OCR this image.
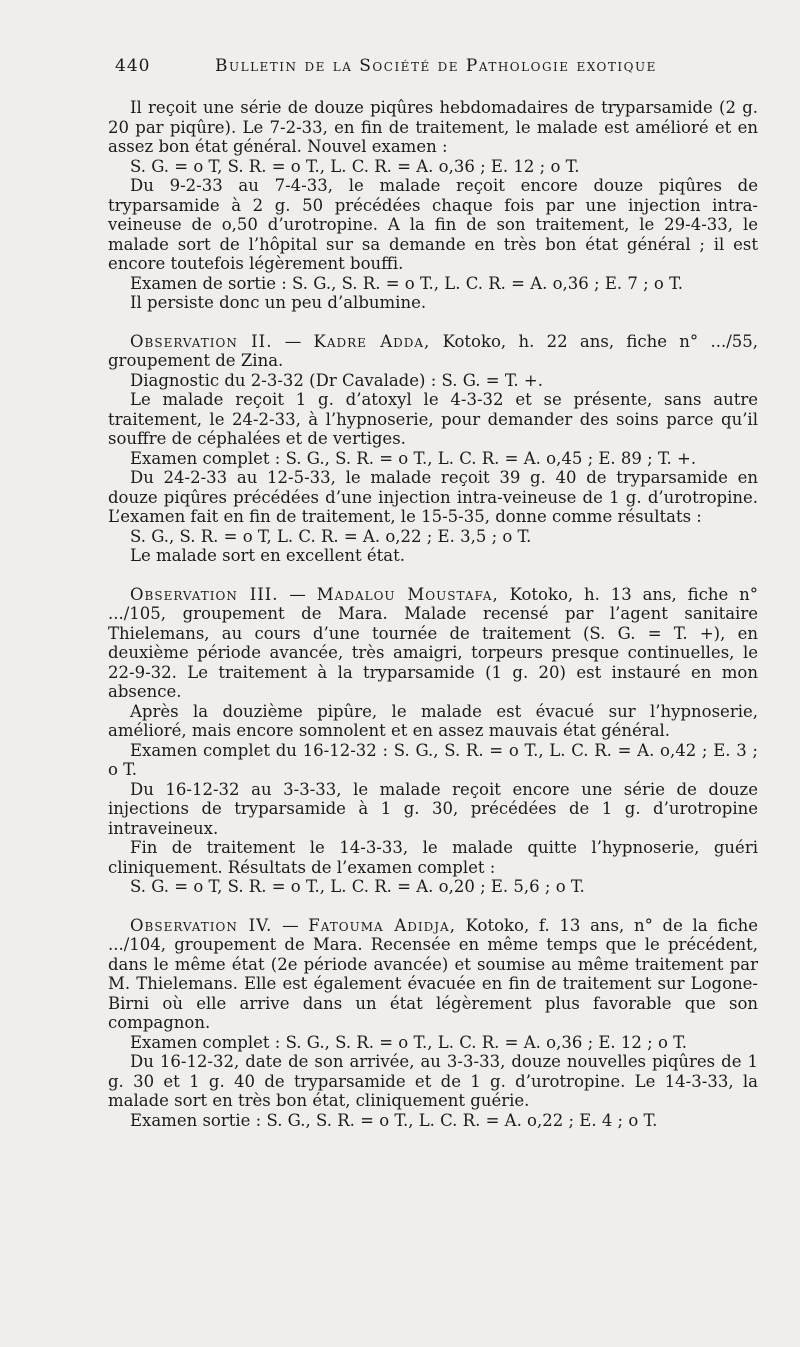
440	Bulletin de la Société de Pathologie exotique

Il reçoit une série de douze piqûres hebdomadaires de tryparsamide (2 g. 20 par piqûre). Le 7-2-33, en fin de traitement, le malade est amélioré et en assez bon état général. Nouvel examen :

S. G. = o T, S. R. = o T., L. C. R. = A. o,36 ; E. 12 ; o T.

Du 9-2-33 au 7-4-33, le malade reçoit encore douze piqûres de tryparsamide à 2 g. 50 précédées chaque fois par une injection intra-veineuse de o,50 d’urotropine. A la fin de son traitement, le 29-4-33, le malade sort de l’hôpital sur sa demande en très bon état général ; il est encore toutefois légèrement bouffi.

Examen de sortie : S. G., S. R. = o T., L. C. R. = A. o,36 ; E. 7 ; o T.

Il persiste donc un peu d’albumine.

Observation II. — Kadre Adda, Kotoko, h. 22 ans, fiche n° .../55, groupement de Zina.

Diagnostic du 2-3-32 (Dr Cavalade) : S. G. = T. +.

Le malade reçoit 1 g. d’atoxyl le 4-3-32 et se présente, sans autre traitement, le 24-2-33, à l’hypnoserie, pour demander des soins parce qu’il souffre de céphalées et de vertiges.

Examen complet : S. G., S. R. = o T., L. C. R. = A. o,45 ; E. 89 ; T. +.

Du 24-2-33 au 12-5-33, le malade reçoit 39 g. 40 de tryparsamide en douze piqûres précédées d’une injection intra-veineuse de 1 g. d’urotropine. L’examen fait en fin de traitement, le 15-5-35, donne comme résultats :

S. G., S. R. = o T, L. C. R. = A. o,22 ; E. 3,5 ; o T.

Le malade sort en excellent état.

Observation III. — Madalou Moustafa, Kotoko, h. 13 ans, fiche n° .../105, groupement de Mara. Malade recensé par l’agent sanitaire Thielemans, au cours d’une tournée de traitement (S. G. = T. +), en deuxième période avancée, très amaigri, torpeurs presque continuelles, le 22-9-32. Le traitement à la tryparsamide (1 g. 20) est instauré en mon absence.

Après la douzième pipûre, le malade est évacué sur l’hypnoserie, amélioré, mais encore somnolent et en assez mauvais état général.

Examen complet du 16-12-32 : S. G., S. R. = o T., L. C. R. = A. o,42 ; E. 3 ; o T.

Du 16-12-32 au 3-3-33, le malade reçoit encore une série de douze injections de tryparsamide à 1 g. 30, précédées de 1 g. d’urotropine intraveineux.

Fin de traitement le 14-3-33, le malade quitte l’hypnoserie, guéri cliniquement. Résultats de l’examen complet :

S. G. = o T, S. R. = o T., L. C. R. = A. o,20 ; E. 5,6 ; o T.

Observation IV. — Fatouma Adidja, Kotoko, f. 13 ans, n° de la fiche .../104, groupement de Mara. Recensée en même temps que le précédent, dans le même état (2e période avancée) et soumise au même traitement par M. Thielemans. Elle est également évacuée en fin de traitement sur Logone-Birni où elle arrive dans un état légèrement plus favorable que son compagnon.

Examen complet : S. G., S. R. = o T., L. C. R. = A. o,36 ; E. 12 ; o T.

Du 16-12-32, date de son arrivée, au 3-3-33, douze nouvelles piqûres de 1 g. 30 et 1 g. 40 de tryparsamide et de 1 g. d’urotropine. Le 14-3-33, la malade sort en très bon état, cliniquement guérie.

Examen sortie : S. G., S. R. = o T., L. C. R. = A. o,22 ; E. 4 ; o T.
